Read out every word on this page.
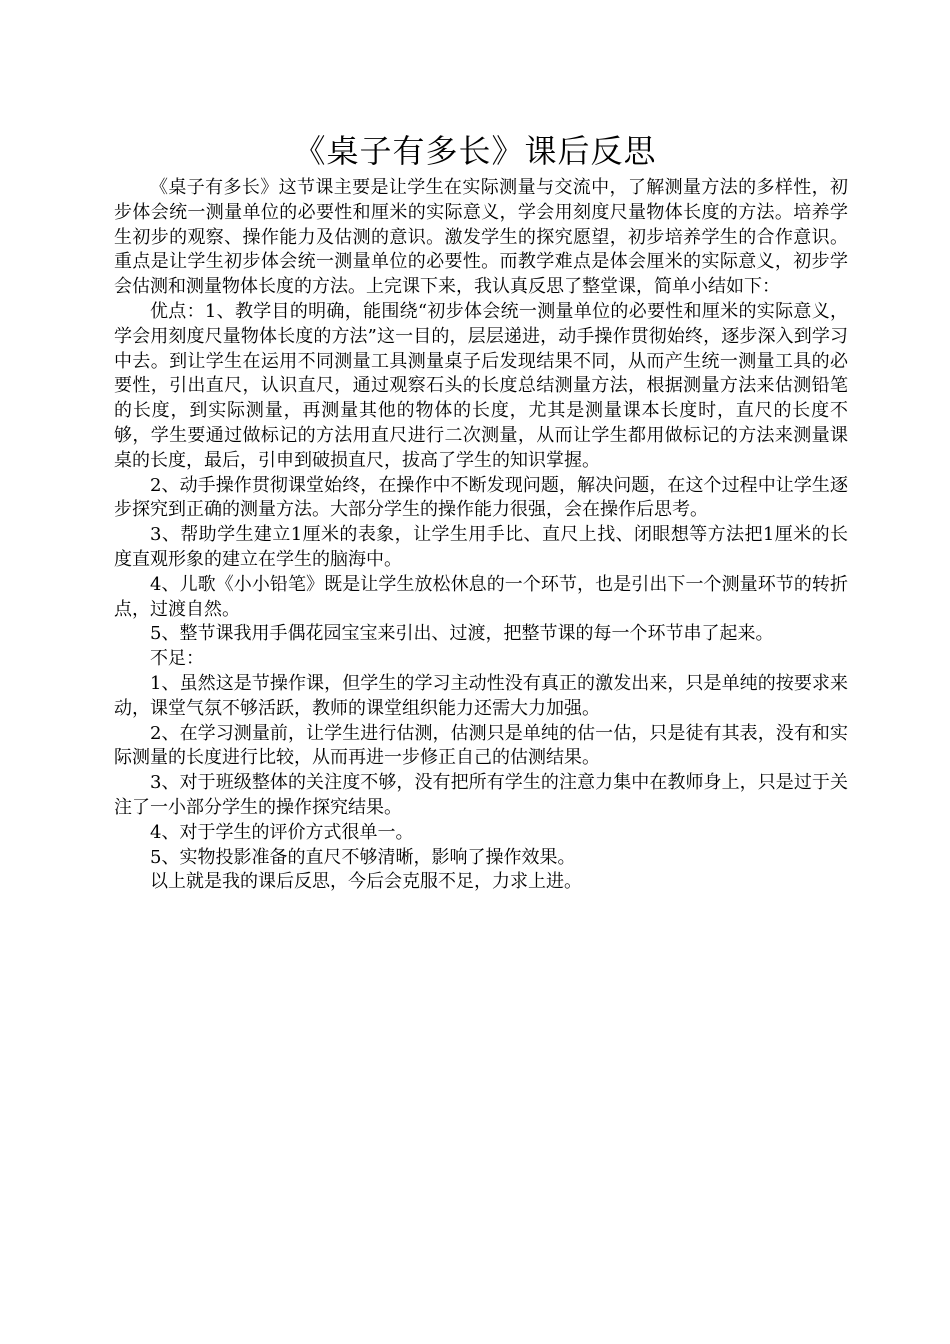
《桌子有多长》课后反思

《桌子有多长》这节课主要是让学生在实际测量与交流中，了解测量方法的多样性，初步体会统一测量单位的必要性和厘米的实际意义，学会用刻度尺量物体长度的方法。培养学生初步的观察、操作能力及估测的意识。激发学生的探究愿望，初步培养学生的合作意识。重点是让学生初步体会统一测量单位的必要性。而教学难点是体会厘米的实际意义，初步学会估测和测量物体长度的方法。上完课下来，我认真反思了整堂课，简单小结如下：

优点：1、教学目的明确，能围绕“初步体会统一测量单位的必要性和厘米的实际意义，学会用刻度尺量物体长度的方法”这一目的，层层递进，动手操作贯彻始终，逐步深入到学习中去。到让学生在运用不同测量工具测量桌子后发现结果不同，从而产生统一测量工具的必要性，引出直尺，认识直尺，通过观察石头的长度总结测量方法，根据测量方法来估测铅笔的长度，到实际测量，再测量其他的物体的长度，尤其是测量课本长度时，直尺的长度不够，学生要通过做标记的方法用直尺进行二次测量，从而让学生都用做标记的方法来测量课桌的长度，最后，引申到破损直尺，拔高了学生的知识掌握。

2、动手操作贯彻课堂始终，在操作中不断发现问题，解决问题，在这个过程中让学生逐步探究到正确的测量方法。大部分学生的操作能力很强，会在操作后思考。

3、帮助学生建立1厘米的表象，让学生用手比、直尺上找、闭眼想等方法把1厘米的长度直观形象的建立在学生的脑海中。

4、儿歌《小小铅笔》既是让学生放松休息的一个环节，也是引出下一个测量环节的转折点，过渡自然。

5、整节课我用手偶花园宝宝来引出、过渡，把整节课的每一个环节串了起来。

不足：

1、虽然这是节操作课，但学生的学习主动性没有真正的激发出来，只是单纯的按要求来动，课堂气氛不够活跃，教师的课堂组织能力还需大力加强。

2、在学习测量前，让学生进行估测，估测只是单纯的估一估，只是徒有其表，没有和实际测量的长度进行比较，从而再进一步修正自己的估测结果。

3、对于班级整体的关注度不够，没有把所有学生的注意力集中在教师身上，只是过于关注了一小部分学生的操作探究结果。

4、对于学生的评价方式很单一。

5、实物投影准备的直尺不够清晰，影响了操作效果。

以上就是我的课后反思，今后会克服不足，力求上进。
